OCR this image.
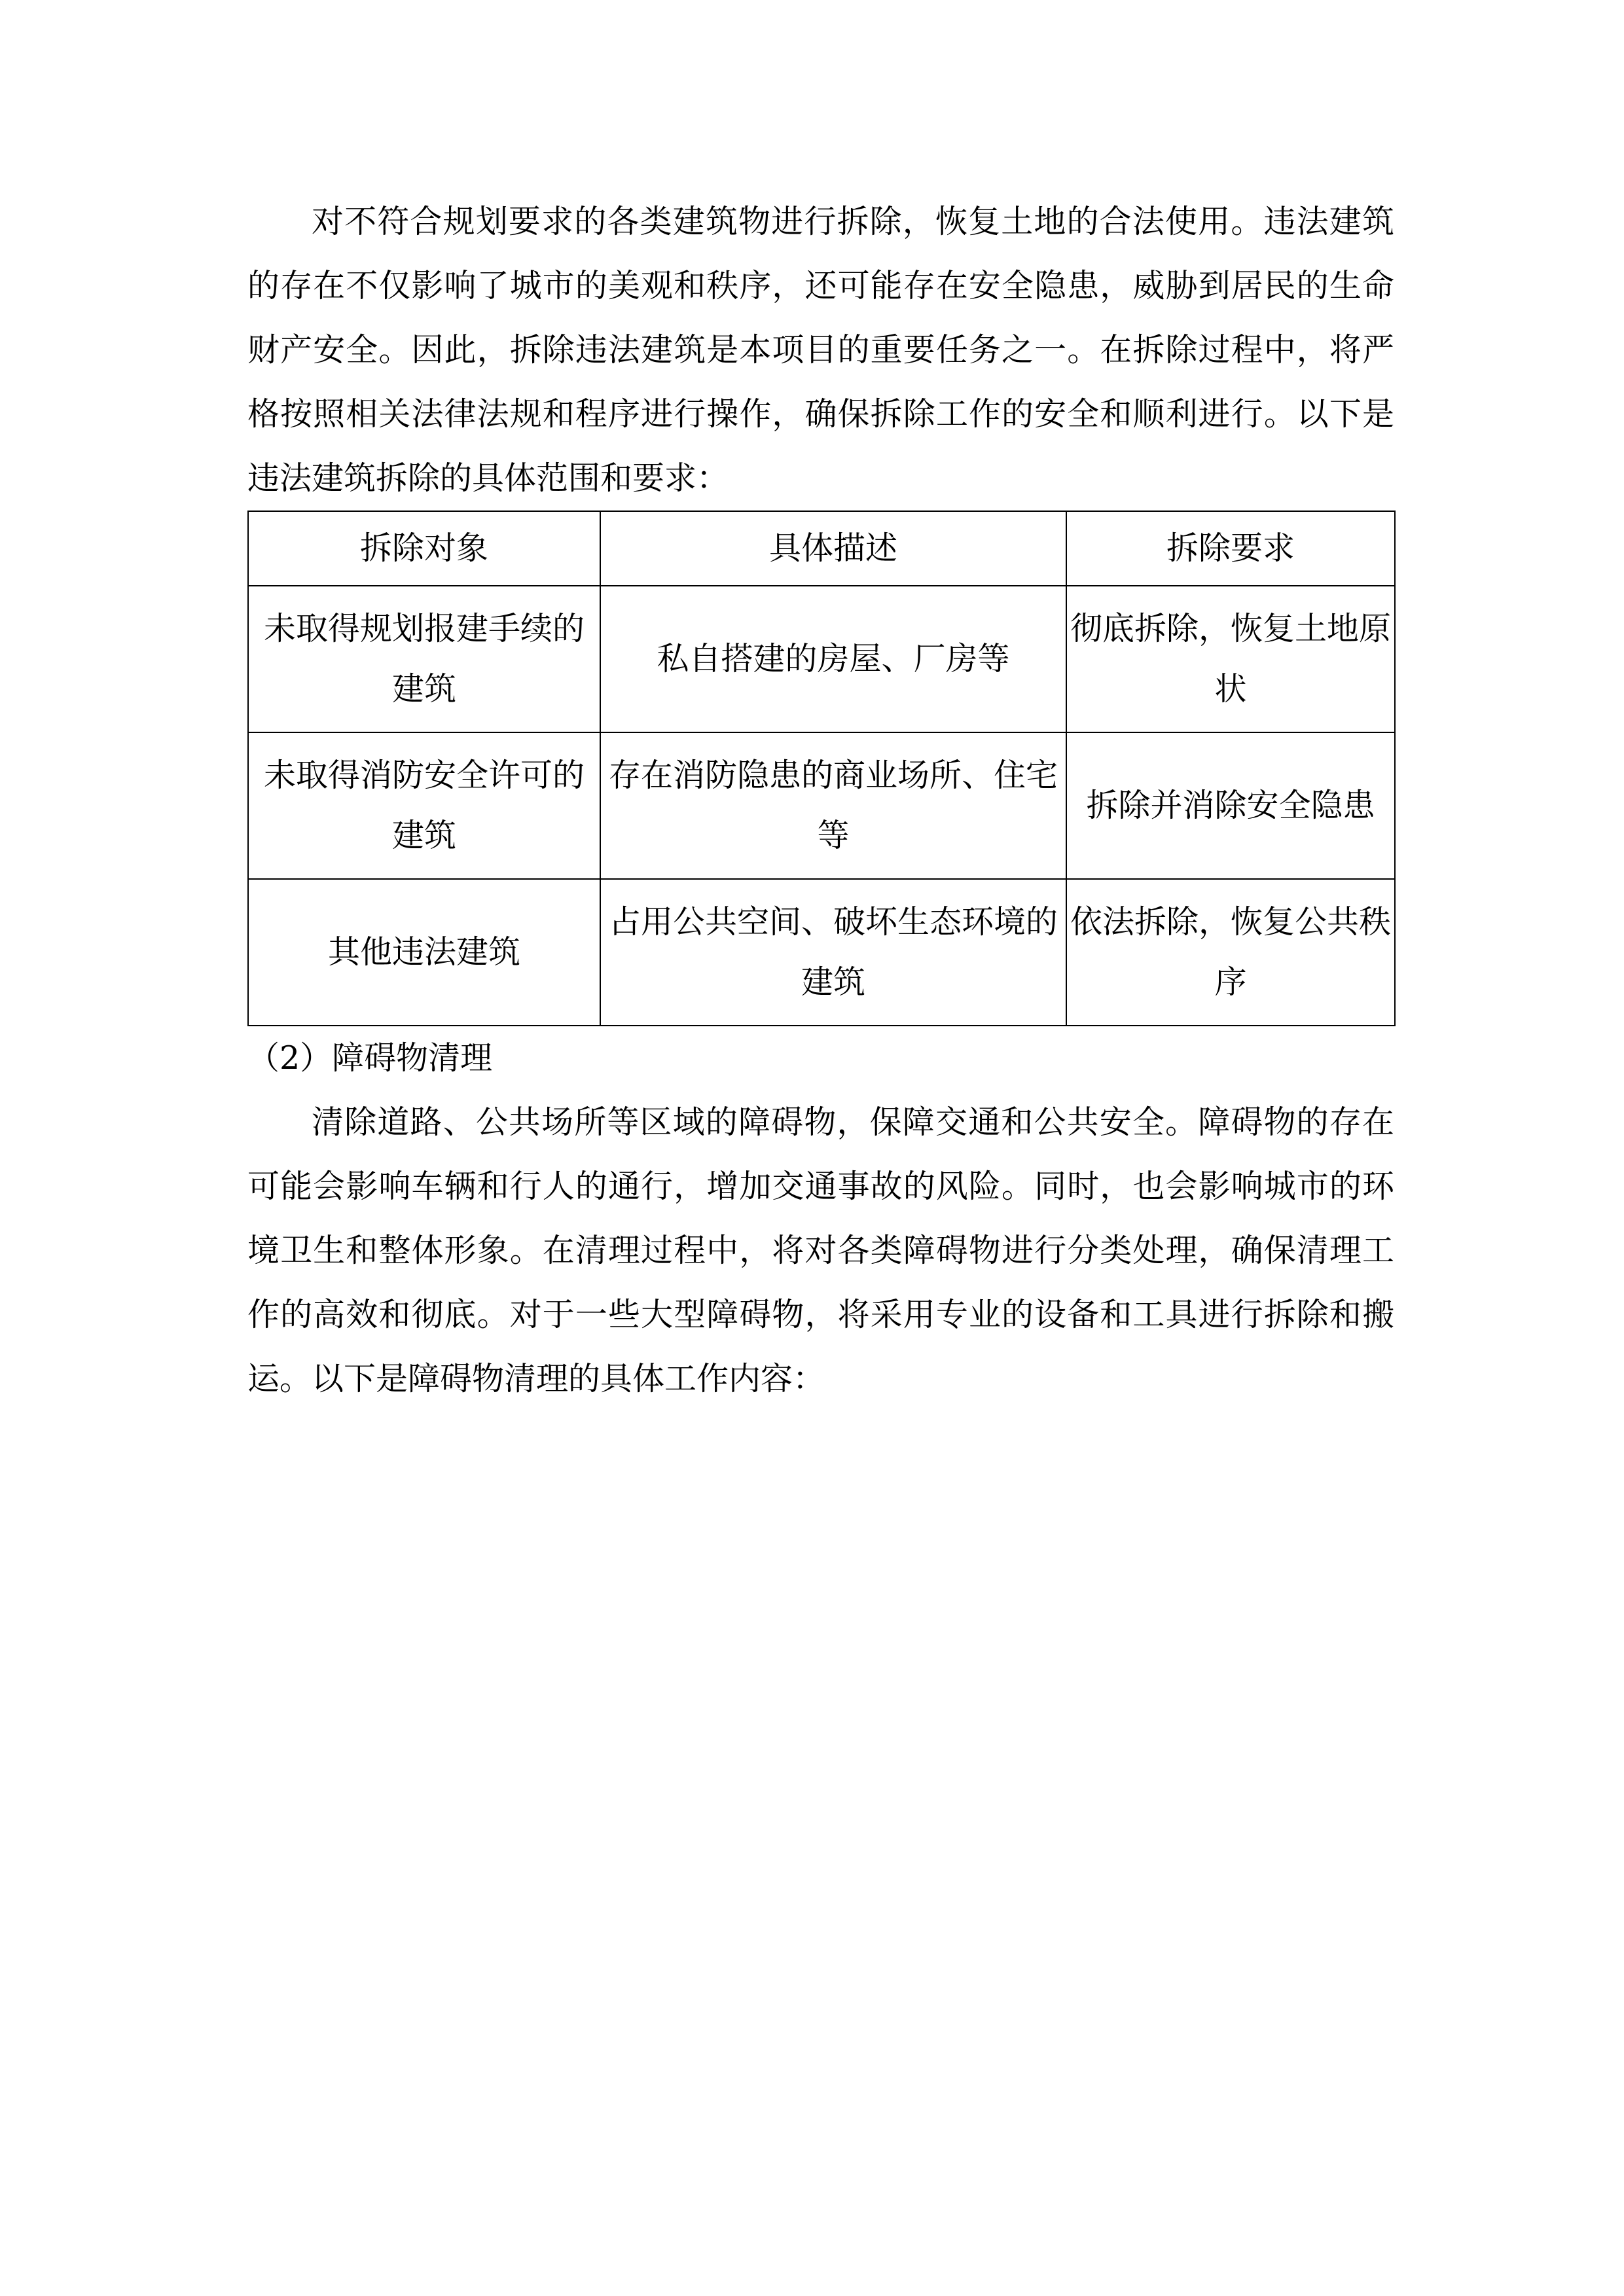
对不符合规划要求的各类建筑物进行拆除，恢复土地的合法使用。违法建筑的存在不仅影响了城市的美观和秩序，还可能存在安全隐患，威胁到居民的生命财产安全。因此，拆除违法建筑是本项目的重要任务之一。在拆除过程中，将严格按照相关法律法规和程序进行操作，确保拆除工作的安全和顺利进行。以下是违法建筑拆除的具体范围和要求：

拆除对象	具体描述	拆除要求
未取得规划报建手续的建筑	私自搭建的房屋、厂房等	彻底拆除，恢复土地原状
未取得消防安全许可的建筑	存在消防隐患的商业场所、住宅等	拆除并消除安全隐患
其他违法建筑	占用公共空间、破坏生态环境的建筑	依法拆除，恢复公共秩序

（2）障碍物清理

清除道路、公共场所等区域的障碍物，保障交通和公共安全。障碍物的存在可能会影响车辆和行人的通行，增加交通事故的风险。同时，也会影响城市的环境卫生和整体形象。在清理过程中，将对各类障碍物进行分类处理，确保清理工作的高效和彻底。对于一些大型障碍物，将采用专业的设备和工具进行拆除和搬运。以下是障碍物清理的具体工作内容：
